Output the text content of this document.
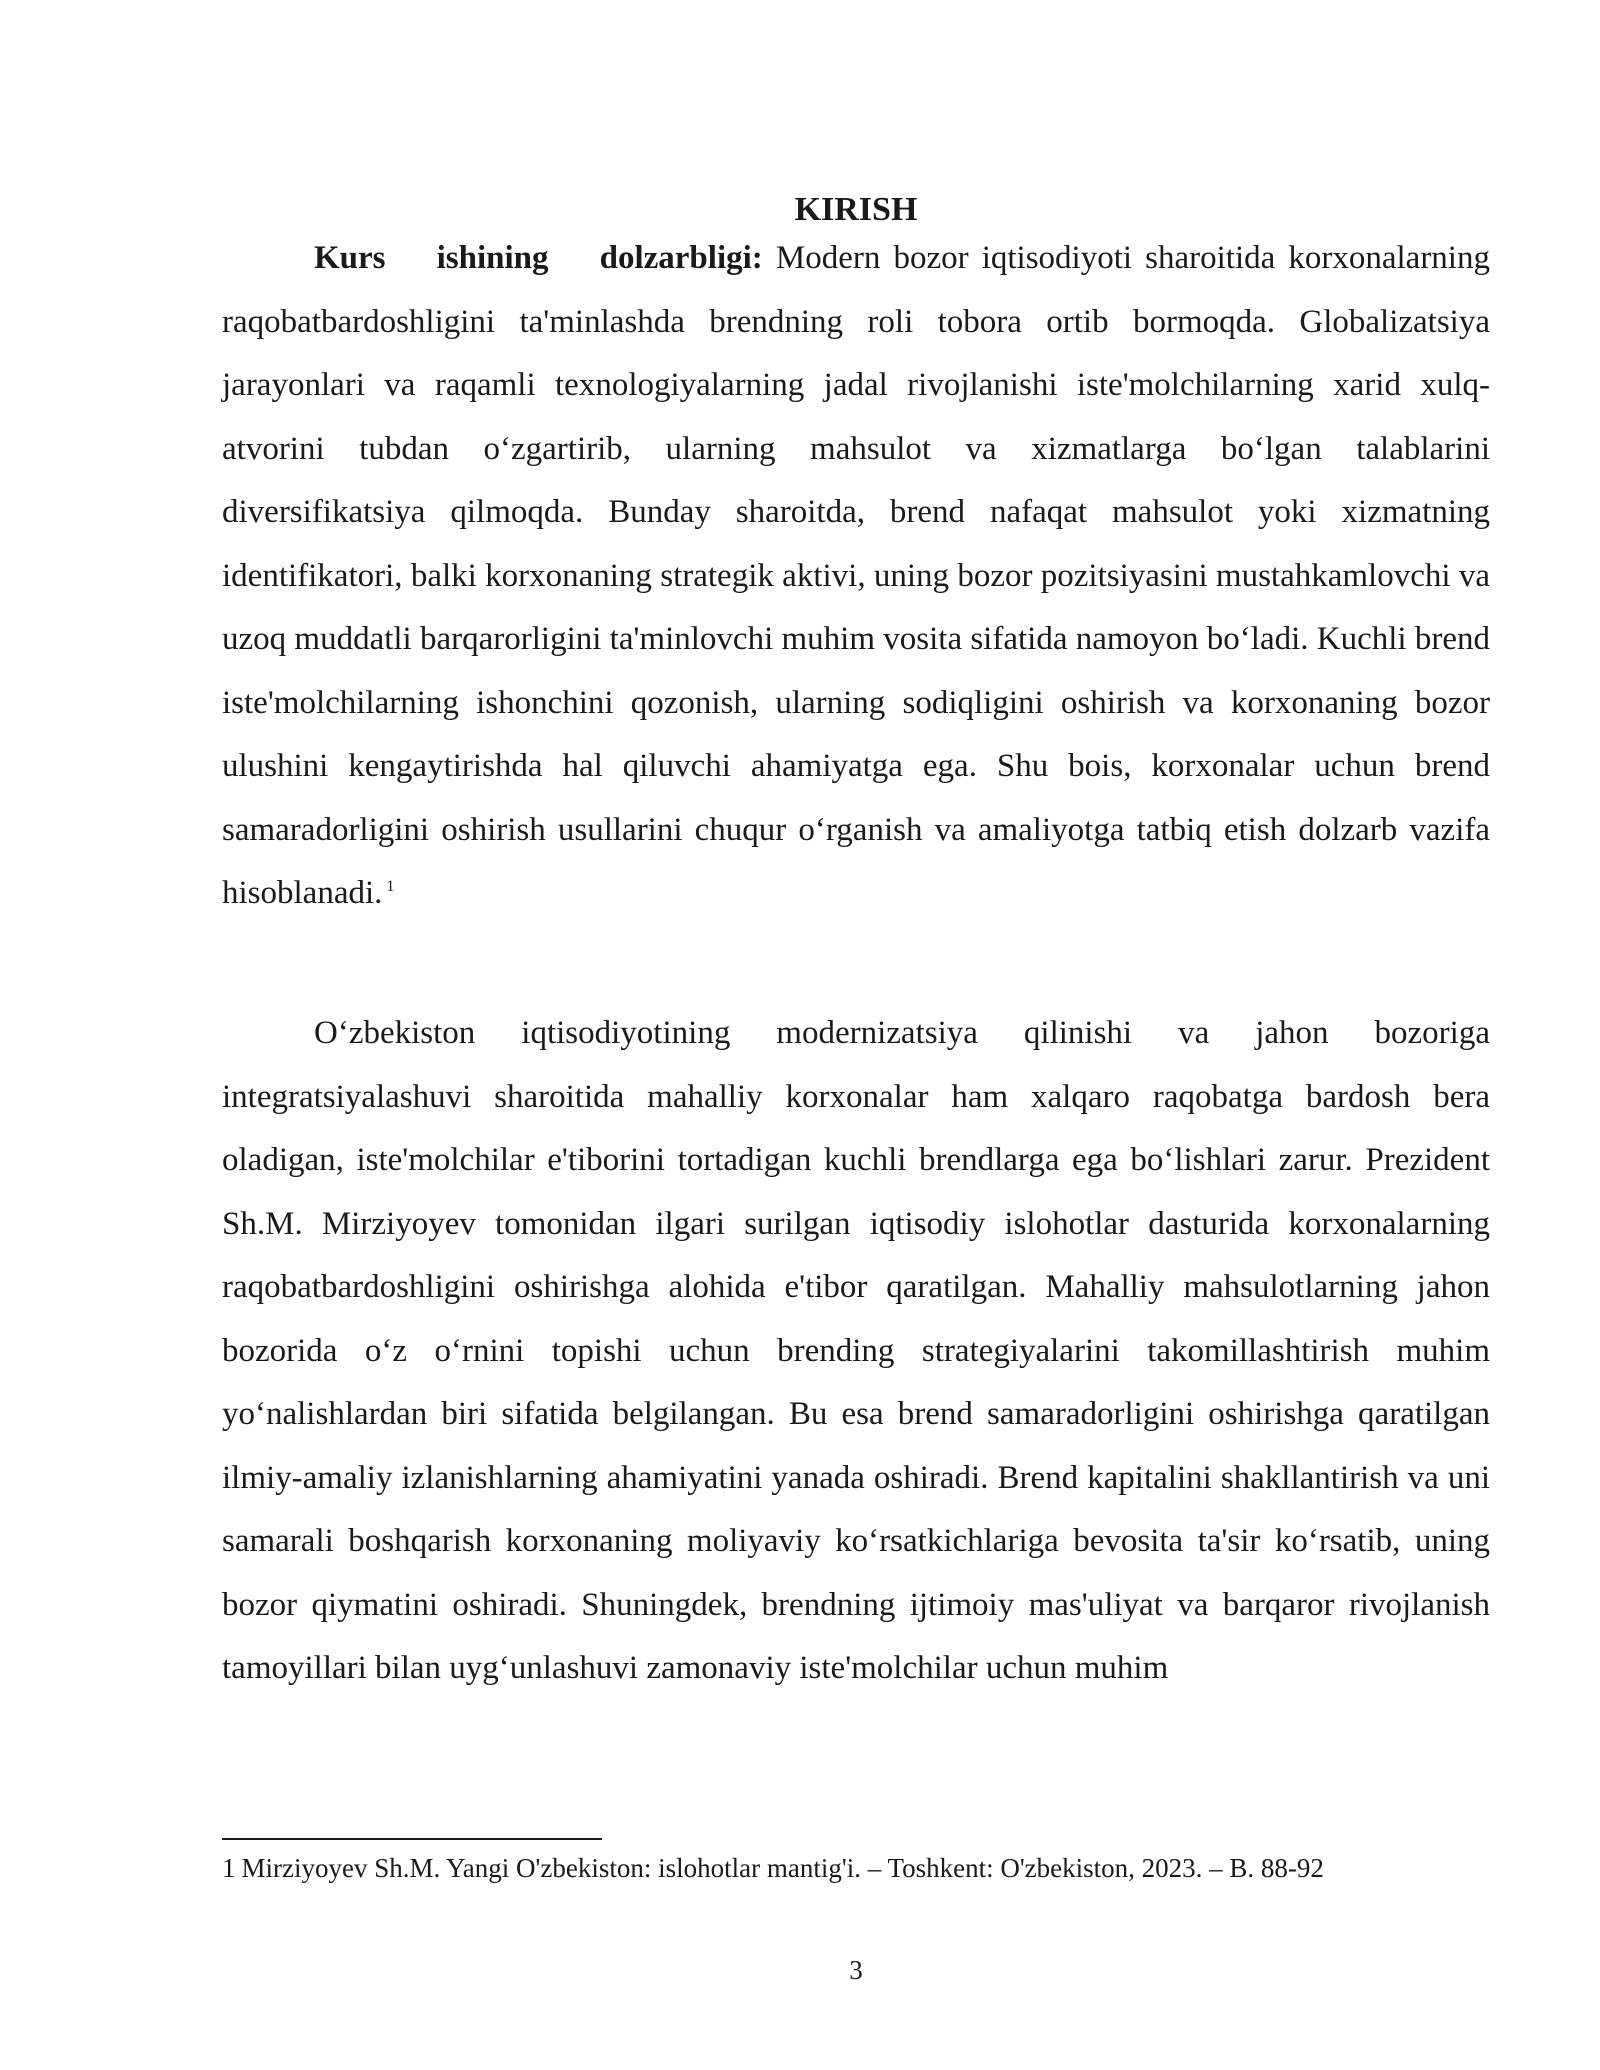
KIRISH

Kurs ishining dolzarbligi: Modern bozor iqtisodiyoti sharoitida korxonalarning raqobatbardoshligini ta'minlashda brendning roli tobora ortib bormoqda. Globalizatsiya jarayonlari va raqamli texnologiyalarning jadal rivojlanishi iste'molchilarning xarid xulq-atvorini tubdan o‘zgartirib, ularning mahsulot va xizmatlarga bo‘lgan talablarini diversifikatsiya qilmoqda. Bunday sharoitda, brend nafaqat mahsulot yoki xizmatning identifikatori, balki korxonaning strategik aktivi, uning bozor pozitsiyasini mustahkamlovchi va uzoq muddatli barqarorligini ta'minlovchi muhim vosita sifatida namoyon bo‘ladi. Kuchli brend iste'molchilarning ishonchini qozonish, ularning sodiqligini oshirish va korxonaning bozor ulushini kengaytirishda hal qiluvchi ahamiyatga ega. Shu bois, korxonalar uchun brend samaradorligini oshirish usullarini chuqur o‘rganish va amaliyotga tatbiq etish dolzarb vazifa hisoblanadi. $^1$

O‘zbekiston iqtisodiyotining modernizatsiya qilinishi va jahon bozoriga integratsiyalashuvi sharoitida mahalliy korxonalar ham xalqaro raqobatga bardosh bera oladigan, iste'molchilar e'tiborini tortadigan kuchli brendlarga ega bo‘lishlari zarur. Prezident Sh.M. Mirziyoyev tomonidan ilgari surilgan iqtisodiy islohotlar dasturida korxonalarning raqobatbardoshligini oshirishga alohida e'tibor qaratilgan. Mahalliy mahsulotlarning jahon bozorida o‘z o‘rnini topishi uchun brending strategiyalarini takomillashtirish muhim yo‘nalishlardan biri sifatida belgilangan. Bu esa brend samaradorligini oshirishga qaratilgan ilmiy-amaliy izlanishlarning ahamiyatini yanada oshiradi. Brend kapitalini shakllantirish va uni samarali boshqarish korxonaning moliyaviy ko‘rsatkichlariga bevosita ta'sir ko‘rsatib, uning bozor qiymatini oshiradi. Shuningdek, brendning ijtimoiy mas'uliyat va barqaror rivojlanish tamoyillari bilan uyg‘unlashuvi zamonaviy iste'molchilar uchun muhim

1 Mirziyoyev Sh.M. Yangi O'zbekiston: islohotlar mantig'i. – Toshkent: O'zbekiston, 2023. – B. 88-92
3
